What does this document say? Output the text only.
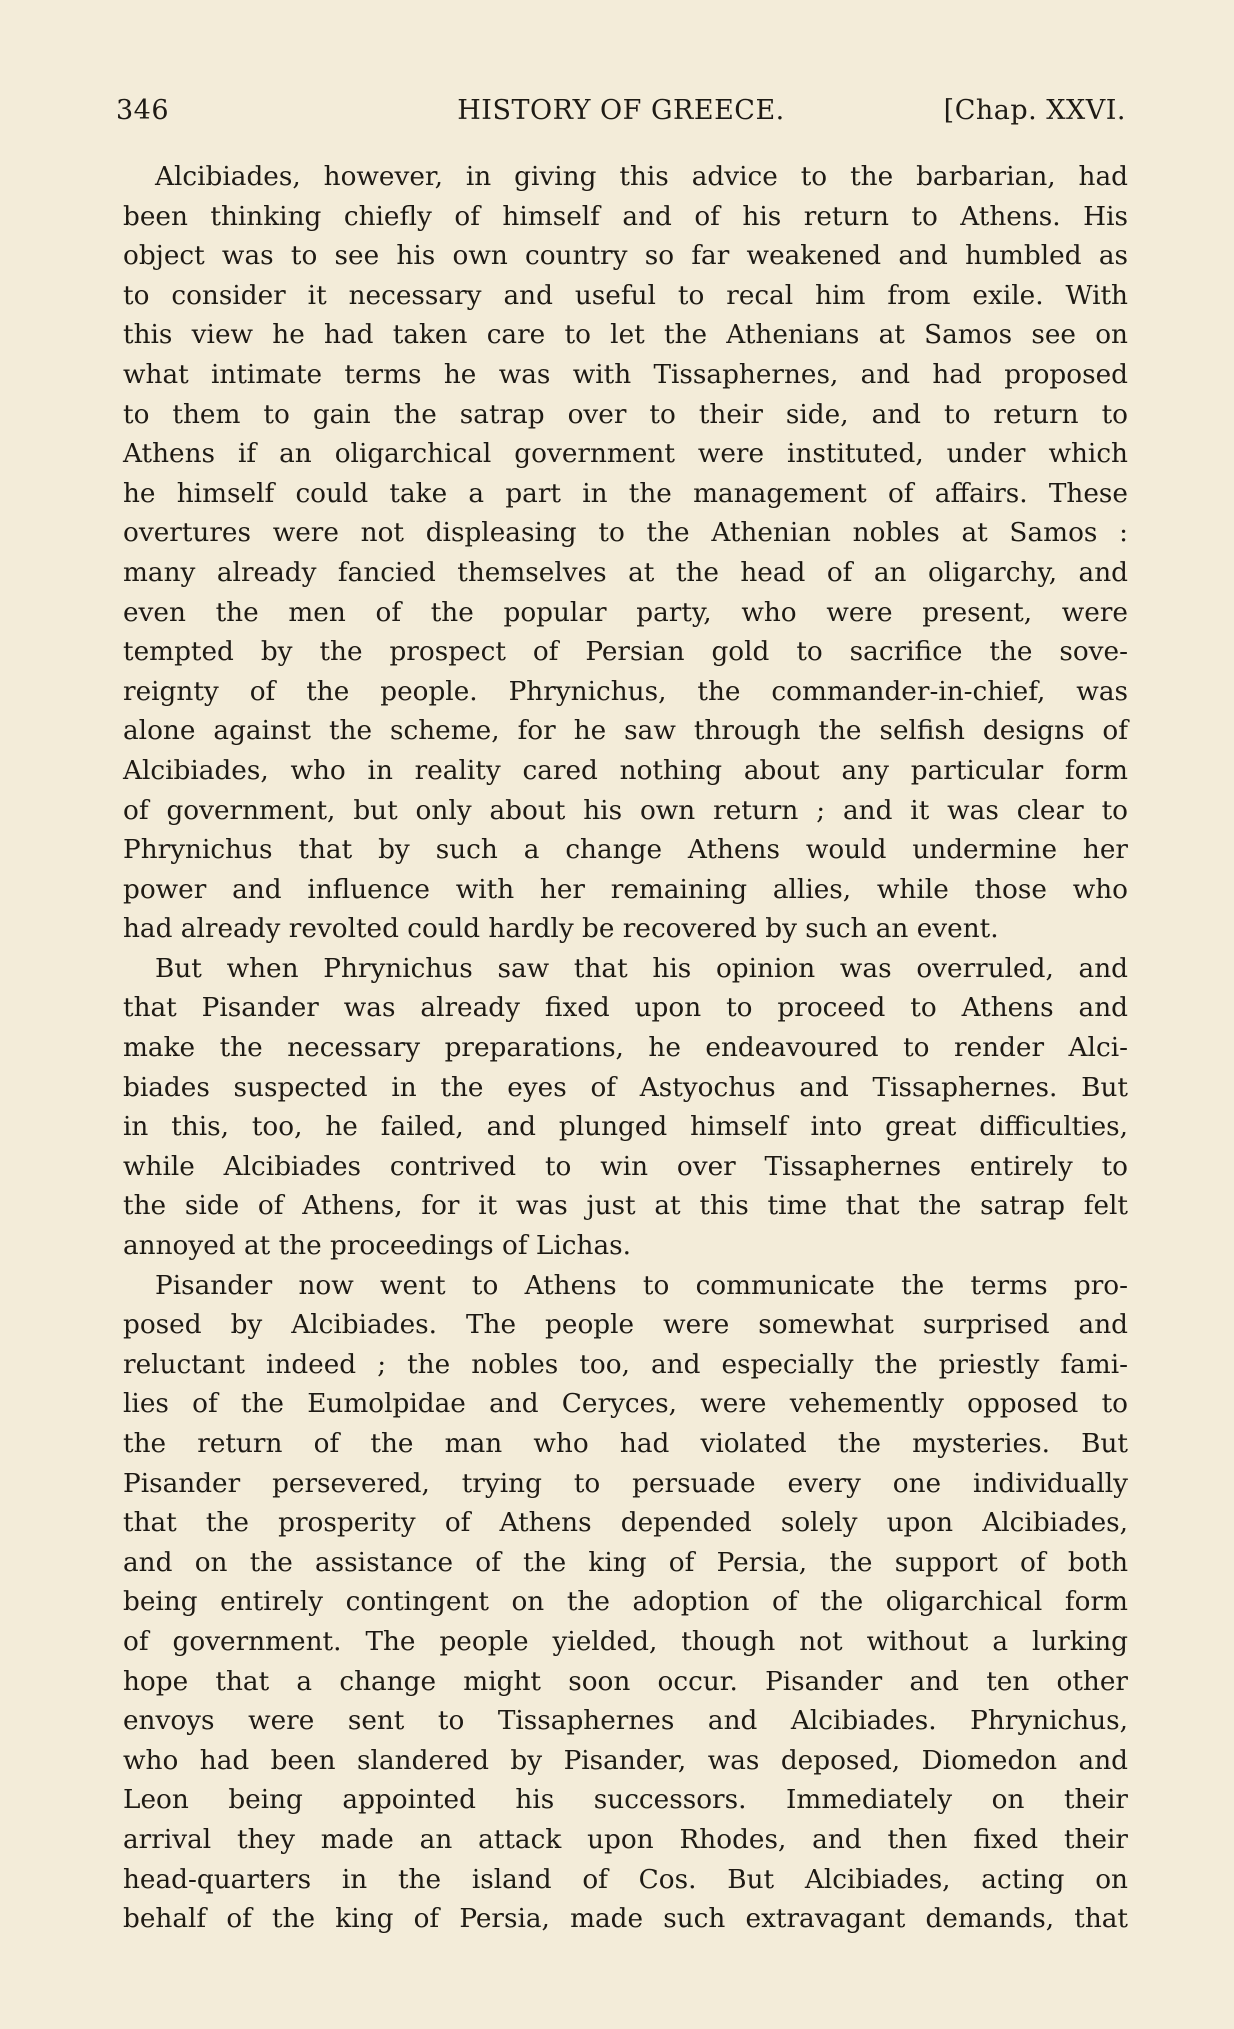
346	HISTORY OF GREECE.	[Chap. XXVI.
Alcibiades, however, in giving this advice to the barbarian, had
been thinking chiefly of himself and of his return to Athens. His
object was to see his own country so far weakened and humbled as
to consider it necessary and useful to recal him from exile. With
this view he had taken care to let the Athenians at Samos see on
what intimate terms he was with Tissaphernes, and had proposed
to them to gain the satrap over to their side, and to return to
Athens if an oligarchical government were instituted, under which
he himself could take a part in the management of affairs. These
overtures were not displeasing to the Athenian nobles at Samos :
many already fancied themselves at the head of an oligarchy, and
even the men of the popular party, who were present, were
tempted by the prospect of Persian gold to sacrifice the sove-
reignty of the people. Phrynichus, the commander-in-chief, was
alone against the scheme, for he saw through the selfish designs of
Alcibiades, who in reality cared nothing about any particular form
of government, but only about his own return ; and it was clear to
Phrynichus that by such a change Athens would undermine her
power and influence with her remaining allies, while those who
had already revolted could hardly be recovered by such an event.
But when Phrynichus saw that his opinion was overruled, and
that Pisander was already fixed upon to proceed to Athens and
make the necessary preparations, he endeavoured to render Alci-
biades suspected in the eyes of Astyochus and Tissaphernes. But
in this, too, he failed, and plunged himself into great difficulties,
while Alcibiades contrived to win over Tissaphernes entirely to
the side of Athens, for it was just at this time that the satrap felt
annoyed at the proceedings of Lichas.
Pisander now went to Athens to communicate the terms pro-
posed by Alcibiades. The people were somewhat surprised and
reluctant indeed ; the nobles too, and especially the priestly fami-
lies of the Eumolpidae and Ceryces, were vehemently opposed to
the return of the man who had violated the mysteries. But
Pisander persevered, trying to persuade every one individually
that the prosperity of Athens depended solely upon Alcibiades,
and on the assistance of the king of Persia, the support of both
being entirely contingent on the adoption of the oligarchical form
of government. The people yielded, though not without a lurking
hope that a change might soon occur. Pisander and ten other
envoys were sent to Tissaphernes and Alcibiades. Phrynichus,
who had been slandered by Pisander, was deposed, Diomedon and
Leon being appointed his successors. Immediately on their
arrival they made an attack upon Rhodes, and then fixed their
head-quarters in the island of Cos. But Alcibiades, acting on
behalf of the king of Persia, made such extravagant demands, that
